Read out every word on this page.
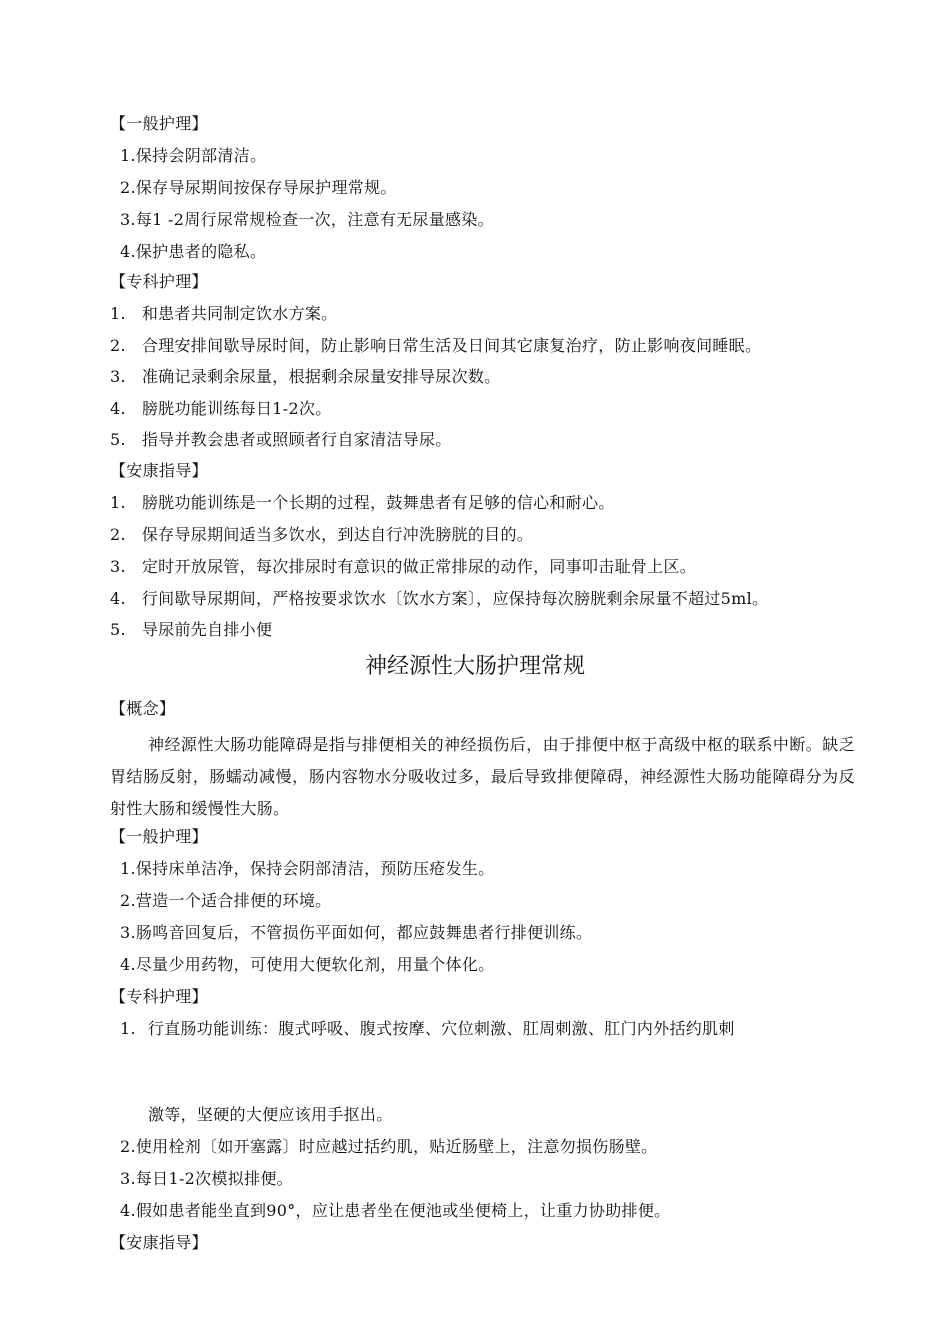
【一般护理】
1.保持会阴部清洁。
2.保存导尿期间按保存导尿护理常规。
3.每1 -2周行尿常规检查一次，注意有无尿量感染。
4.保护患者的隐私。
【专科护理】
1. 和患者共同制定饮水方案。
2. 合理安排间歇导尿时间，防止影响日常生活及日间其它康复治疗，防止影响夜间睡眠。
3. 准确记录剩余尿量，根据剩余尿量安排导尿次数。
4. 膀胱功能训练每日1-2次。
5. 指导并教会患者或照顾者行自家清洁导尿。
【安康指导】
1. 膀胱功能训练是一个长期的过程，鼓舞患者有足够的信心和耐心。
2. 保存导尿期间适当多饮水，到达自行冲洗膀胱的目的。
3. 定时开放尿管，每次排尿时有意识的做正常排尿的动作，同事叩击耻骨上区。
4. 行间歇导尿期间，严格按要求饮水〔饮水方案〕，应保持每次膀胱剩余尿量不超过5ml。
5. 导尿前先自排小便
神经源性大肠护理常规
【概念】
神经源性大肠功能障碍是指与排便相关的神经损伤后，由于排便中枢于高级中枢的联系中断。缺乏胃结肠反射，肠蠕动减慢，肠内容物水分吸收过多，最后导致排便障碍，神经源性大肠功能障碍分为反射性大肠和缓慢性大肠。
【一般护理】
1.保持床单洁净，保持会阴部清洁，预防压疮发生。
2.营造一个适合排便的环境。
3.肠鸣音回复后，不管损伤平面如何，都应鼓舞患者行排便训练。
4.尽量少用药物，可使用大便软化剂，用量个体化。
【专科护理】
1. 行直肠功能训练：腹式呼吸、腹式按摩、穴位刺激、肛周刺激、肛门内外括约肌刺
激等，坚硬的大便应该用手抠出。
2.使用栓剂〔如开塞露〕时应越过括约肌，贴近肠壁上，注意勿损伤肠壁。
3.每日1-2次模拟排便。
4.假如患者能坐直到90°，应让患者坐在便池或坐便椅上，让重力协助排便。
【安康指导】
